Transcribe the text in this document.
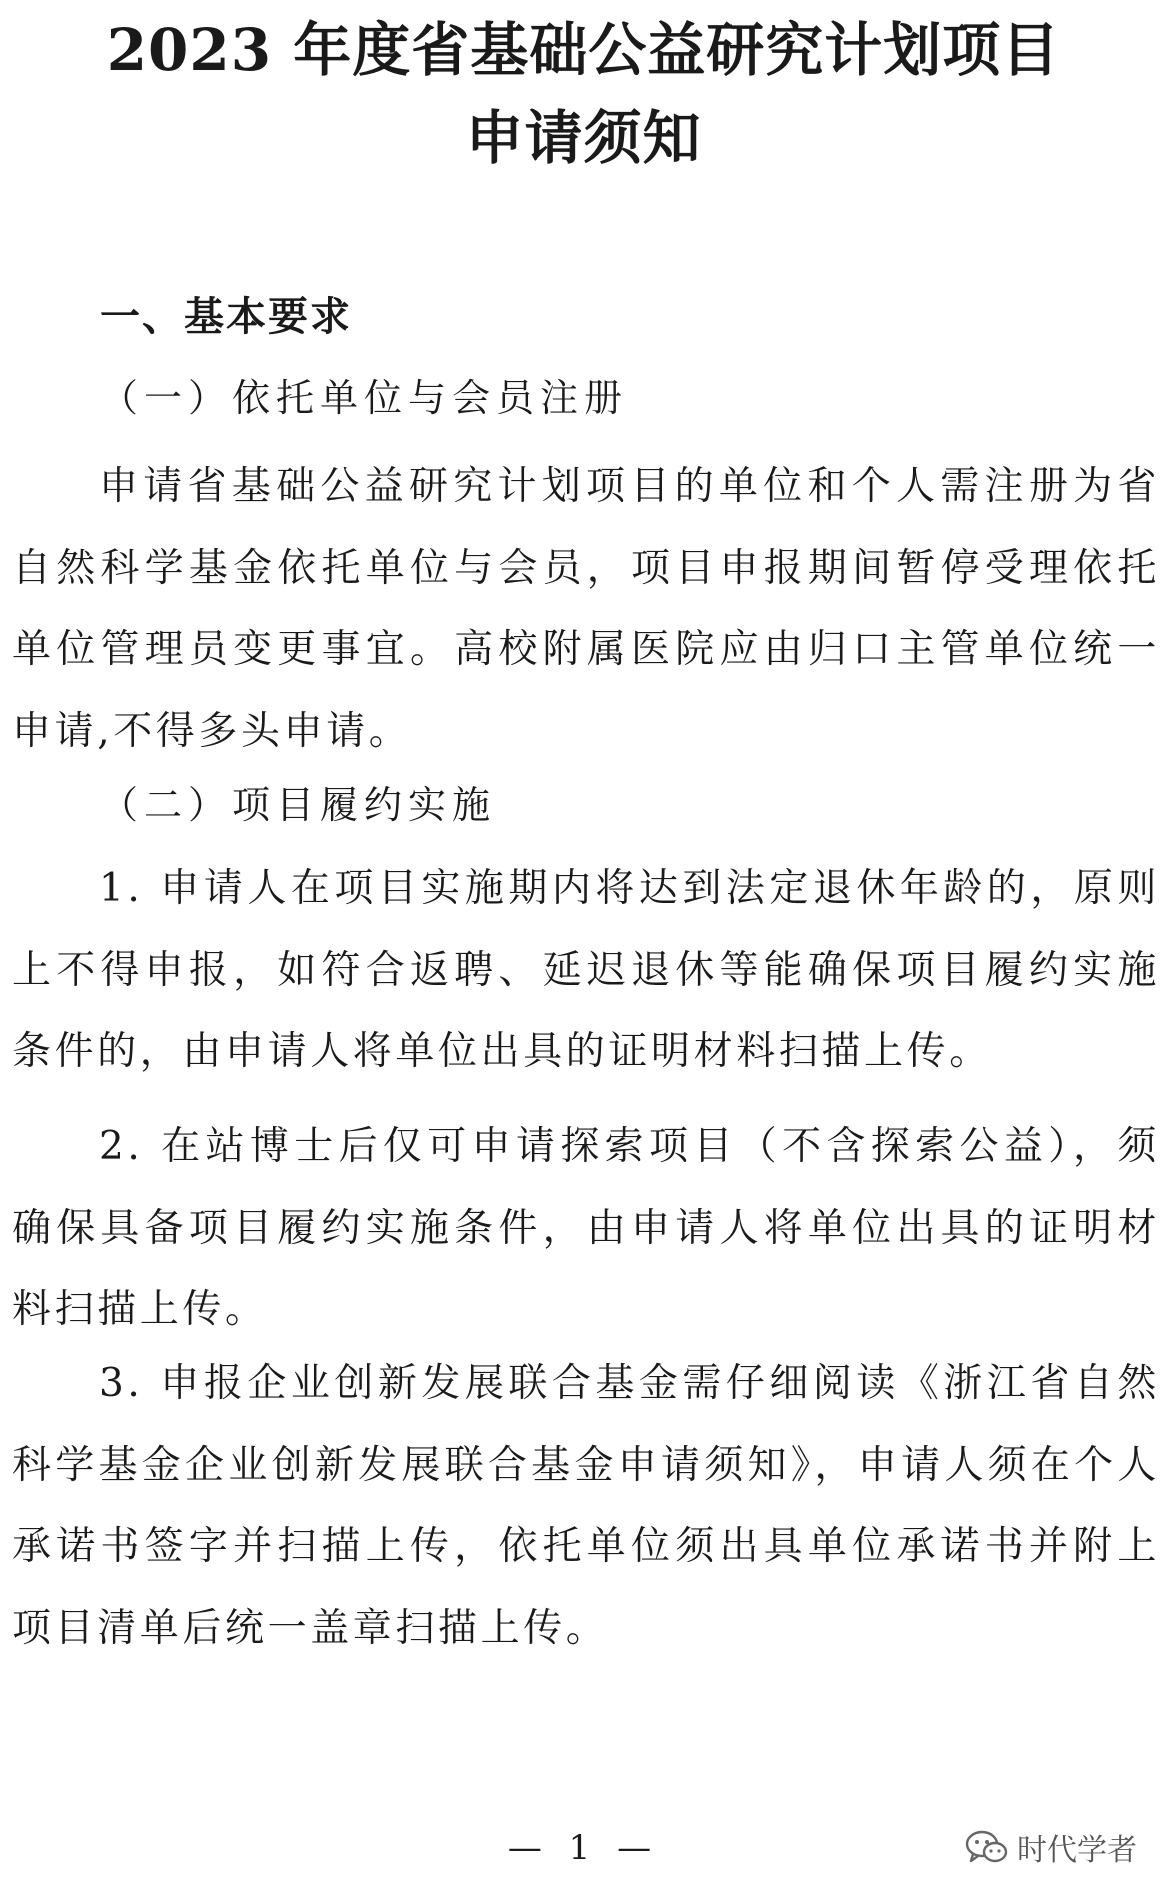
2023 年度省基础公益研究计划项目
申请须知
一、基本要求
（一）依托单位与会员注册

申请省基础公益研究计划项目的单位和个人需注册为省自然科学基金依托单位与会员，项目申报期间暂停受理依托单位管理员变更事宜。高校附属医院应由归口主管单位统一申请,不得多头申请。

（二）项目履约实施

1. 申请人在项目实施期内将达到法定退休年龄的，原则上不得申报，如符合返聘、延迟退休等能确保项目履约实施条件的，由申请人将单位出具的证明材料扫描上传。

2. 在站博士后仅可申请探索项目（不含探索公益），须确保具备项目履约实施条件，由申请人将单位出具的证明材料扫描上传。

3. 申报企业创新发展联合基金需仔细阅读《浙江省自然科学基金企业创新发展联合基金申请须知》，申请人须在个人承诺书签字并扫描上传，依托单位须出具单位承诺书并附上项目清单后统一盖章扫描上传。

— 1 —	时代学者
